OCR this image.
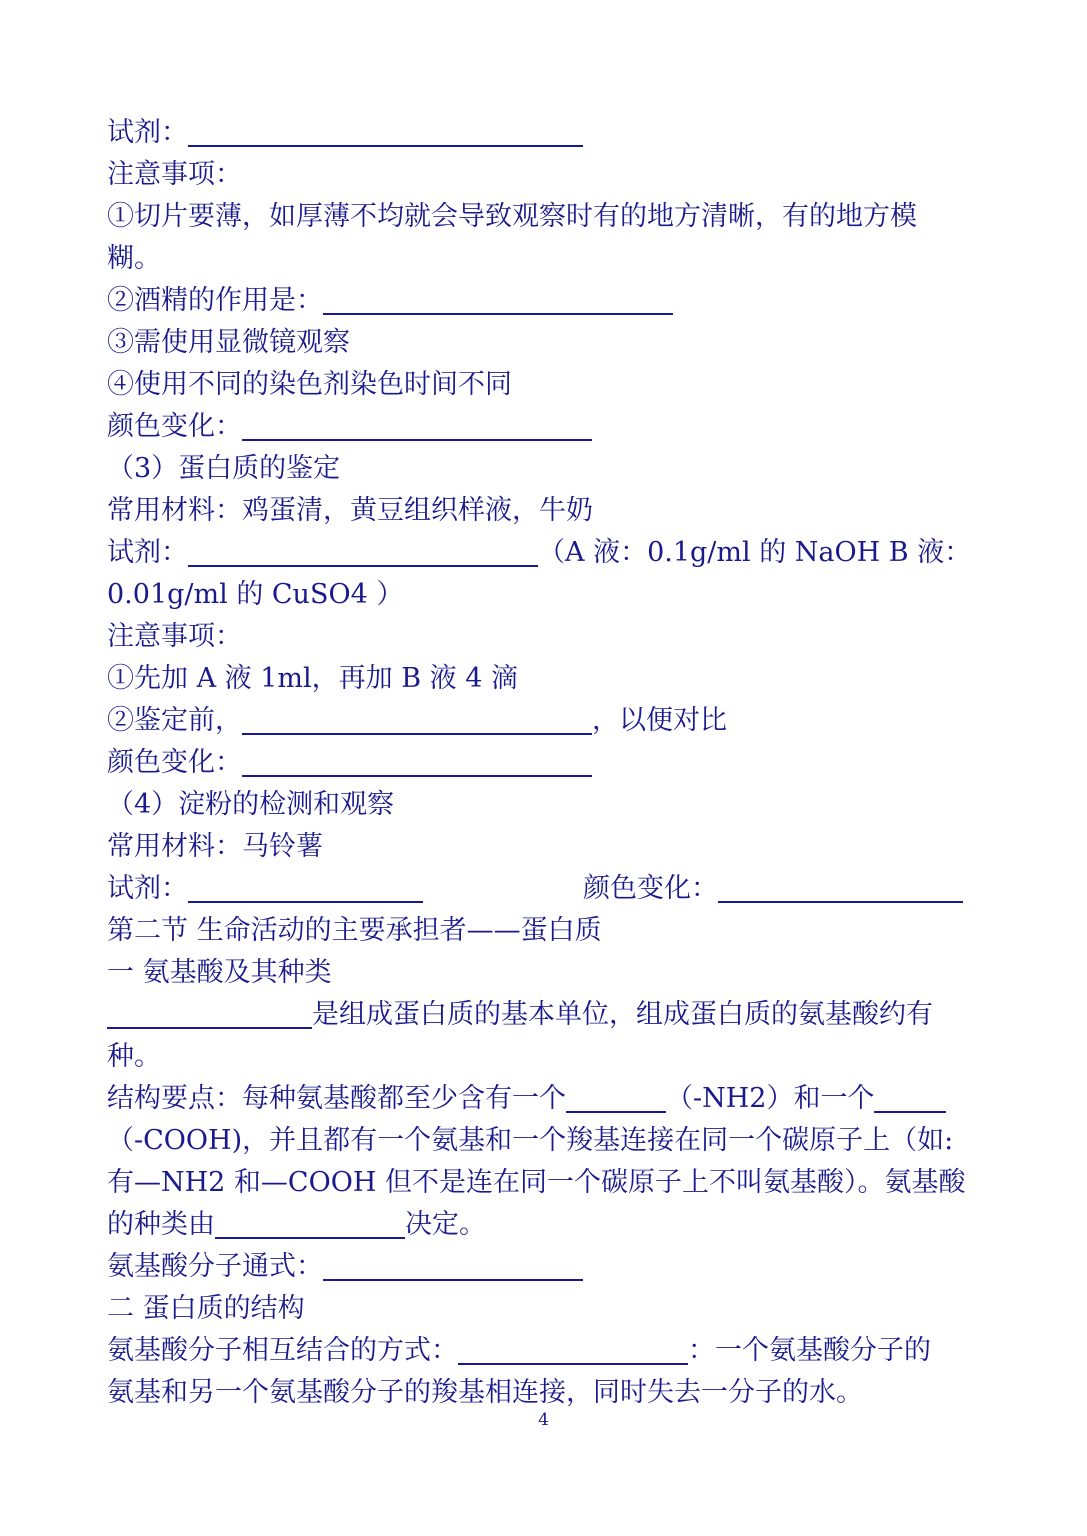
试剂：
注意事项：
①切片要薄，如厚薄不均就会导致观察时有的地方清晰，有的地方模
糊。
②酒精的作用是：
③需使用显微镜观察
④使用不同的染色剂染色时间不同
颜色变化：
（3）蛋白质的鉴定
常用材料：鸡蛋清，黄豆组织样液，牛奶
试剂：	（A 液：0.1g/ml 的 NaOH B 液：
0.01g/ml 的 CuSO4 ）
注意事项：
①先加 A 液 1ml，再加 B 液 4 滴
②鉴定前，	，以便对比
颜色变化：
（4）淀粉的检测和观察
常用材料：马铃薯
试剂：	颜色变化：
第二节 生命活动的主要承担者——蛋白质
一 氨基酸及其种类
是组成蛋白质的基本单位，组成蛋白质的氨基酸约有
种。
结构要点：每种氨基酸都至少含有一个	（-NH2）和一个
（-COOH)，并且都有一个氨基和一个羧基连接在同一个碳原子上（如:
有—NH2 和—COOH 但不是连在同一个碳原子上不叫氨基酸）。氨基酸
的种类由	决定。
氨基酸分子通式：
二 蛋白质的结构
氨基酸分子相互结合的方式：	：一个氨基酸分子的
氨基和另一个氨基酸分子的羧基相连接，同时失去一分子的水。
4
